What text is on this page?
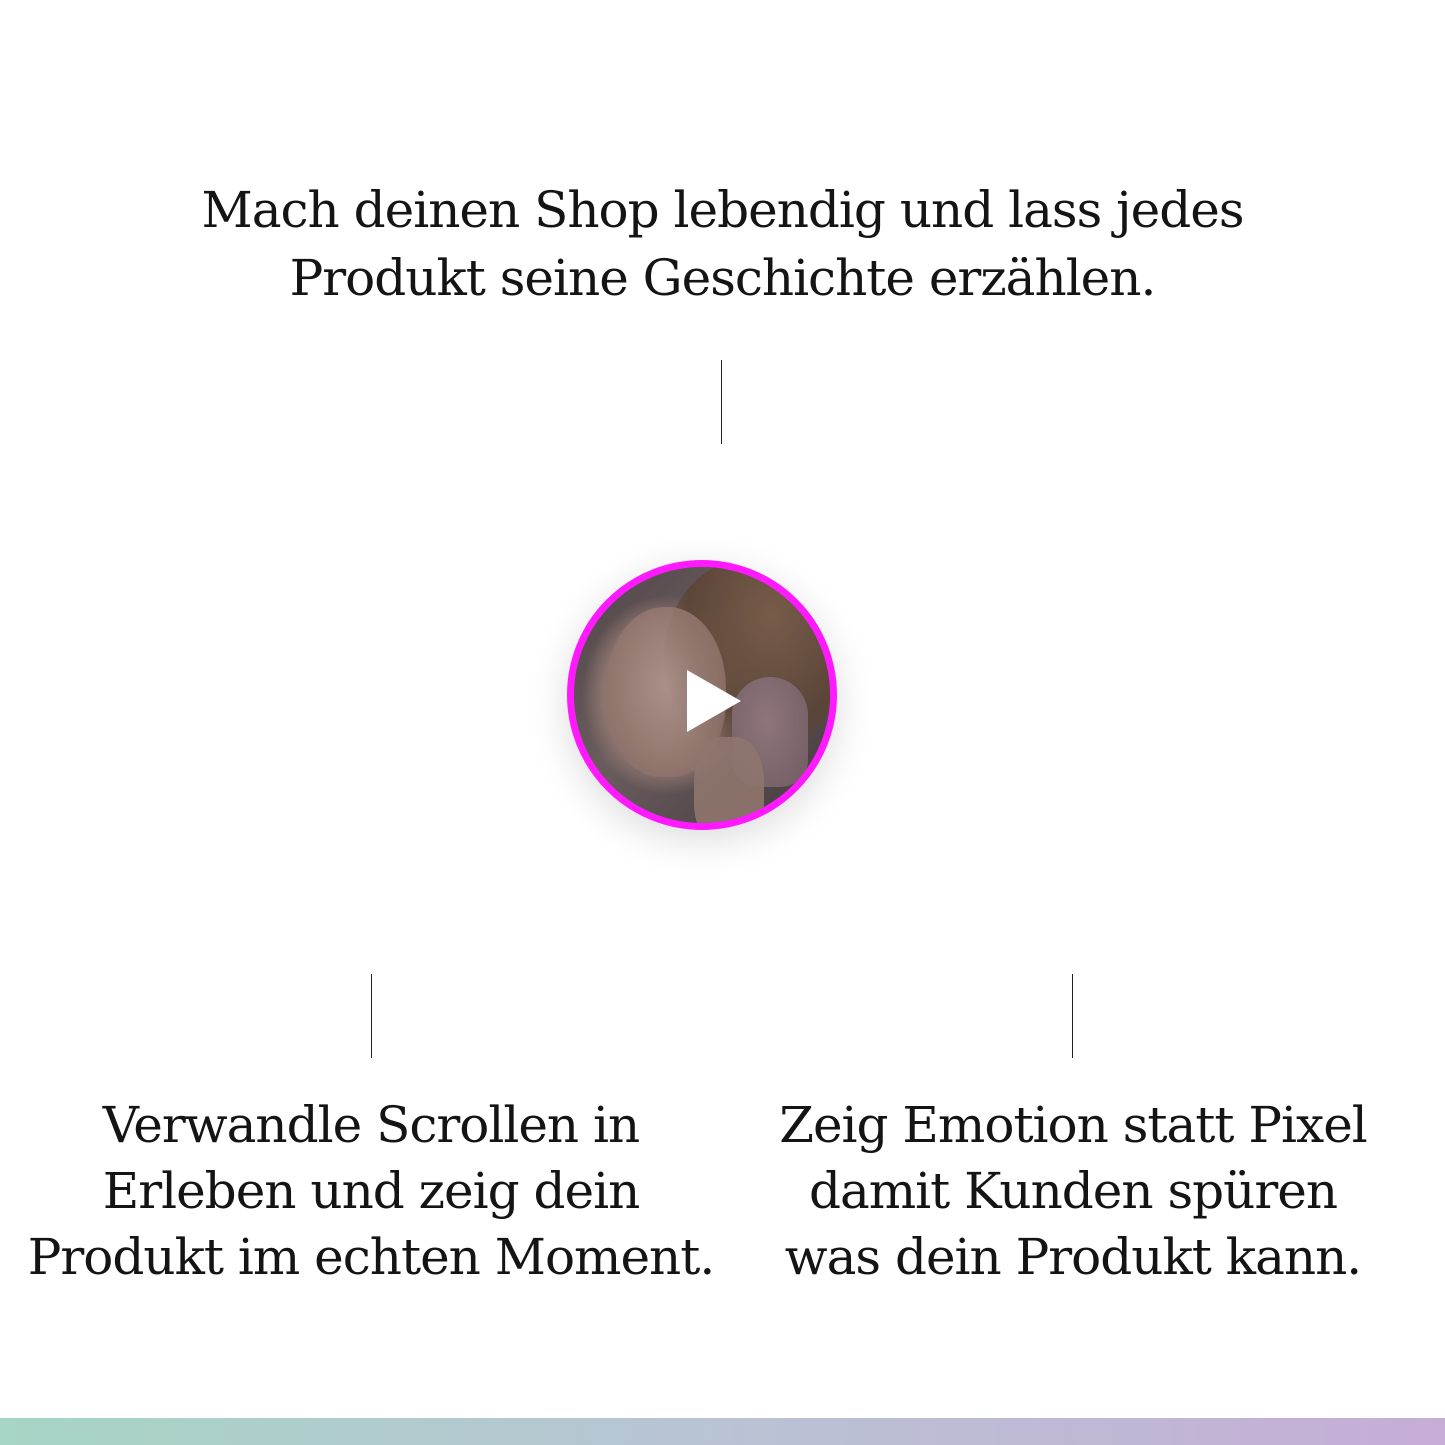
Mach deinen Shop lebendig und lass jedes
Produkt seine Geschichte erzählen.
Verwandle Scrollen in
Erleben und zeig dein
Produkt im echten Moment.
Zeig Emotion statt Pixel
damit Kunden spüren
was dein Produkt kann.
